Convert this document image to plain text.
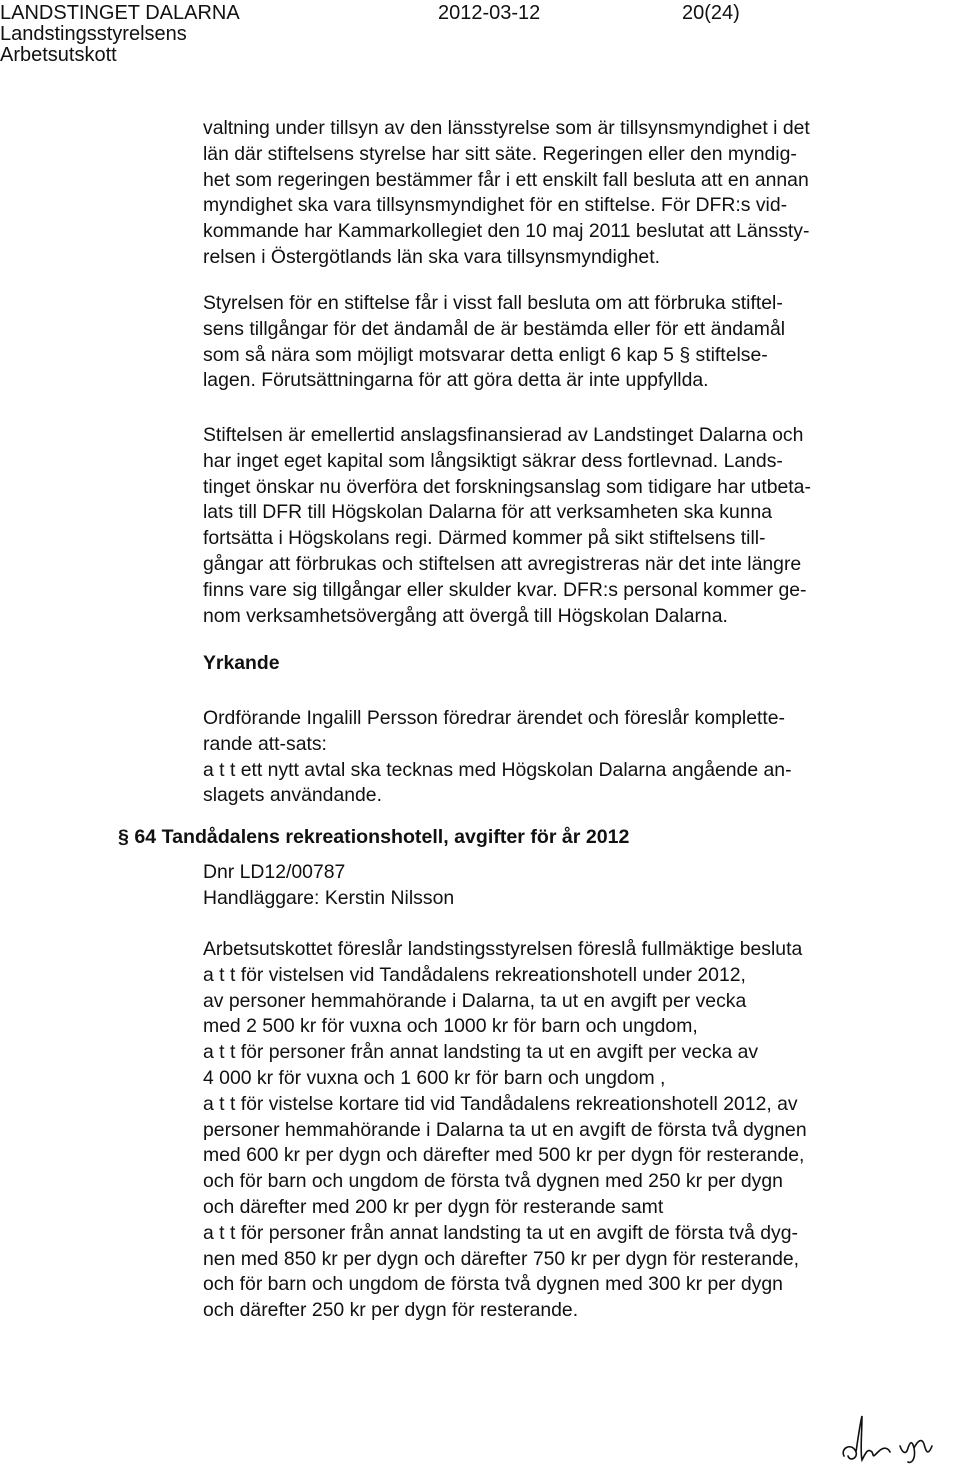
LANDSTINGET DALARNA
Landstingsstyrelsens
Arbetsutskott
2012-03-12	20(24)
valtning under tillsyn av den länsstyrelse som är tillsynsmyndighet i det
län där stiftelsens styrelse har sitt säte. Regeringen eller den myndig-
het som regeringen bestämmer får i ett enskilt fall besluta att en annan
myndighet ska vara tillsynsmyndighet för en stiftelse. För DFR:s vid-
kommande har Kammarkollegiet den 10 maj 2011 beslutat att Länssty-
relsen i Östergötlands län ska vara tillsynsmyndighet.
Styrelsen för en stiftelse får i visst fall besluta om att förbruka stiftel-
sens tillgångar för det ändamål de är bestämda eller för ett ändamål
som så nära som möjligt motsvarar detta enligt 6 kap 5 § stiftelse-
lagen. Förutsättningarna för att göra detta är inte uppfyllda.
Stiftelsen är emellertid anslagsfinansierad av Landstinget Dalarna och
har inget eget kapital som långsiktigt säkrar dess fortlevnad. Lands-
tinget önskar nu överföra det forskningsanslag som tidigare har utbeta-
lats till DFR till Högskolan Dalarna för att verksamheten ska kunna
fortsätta i Högskolans regi. Därmed kommer på sikt stiftelsens till-
gångar att förbrukas och stiftelsen att avregistreras när det inte längre
finns vare sig tillgångar eller skulder kvar. DFR:s personal kommer ge-
nom verksamhetsövergång att övergå till Högskolan Dalarna.
Yrkande
Ordförande Ingalill Persson föredrar ärendet och föreslår komplette-
rande att-sats:
a t t ett nytt avtal ska tecknas med Högskolan Dalarna angående an-
slagets användande.
§ 64 Tandådalens rekreationshotell, avgifter för år 2012
Dnr LD12/00787
Handläggare: Kerstin Nilsson
Arbetsutskottet föreslår landstingsstyrelsen föreslå fullmäktige besluta
a t t för vistelsen vid Tandådalens rekreationshotell under 2012,
av personer hemmahörande i Dalarna, ta ut en avgift per vecka
med 2 500 kr för vuxna och 1000 kr för barn och ungdom,
a t t för personer från annat landsting ta ut en avgift per vecka av
4 000 kr för vuxna och 1 600 kr för barn och ungdom ,
a t t för vistelse kortare tid vid Tandådalens rekreationshotell 2012, av
personer hemmahörande i Dalarna ta ut en avgift de första två dygnen
med 600 kr per dygn och därefter med 500 kr per dygn för resterande,
och för barn och ungdom de första två dygnen med 250 kr per dygn
och därefter med 200 kr per dygn för resterande samt
a t t för personer från annat landsting ta ut en avgift de första två dyg-
nen med 850 kr per dygn och därefter 750 kr per dygn för resterande,
och för barn och ungdom de första två dygnen med 300 kr per dygn
och därefter 250 kr per dygn för resterande.
